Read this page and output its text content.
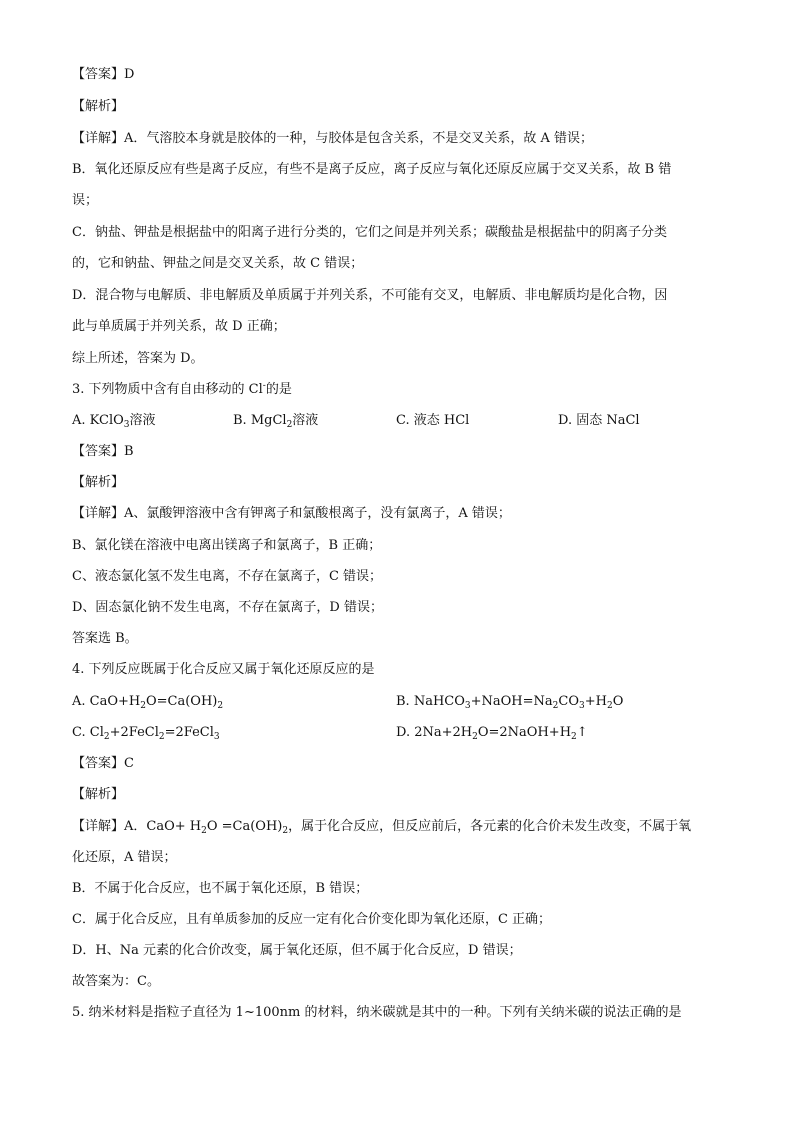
【答案】D
【解析】
【详解】A．气溶胶本身就是胶体的一种，与胶体是包含关系，不是交叉关系，故 A 错误；
B．氧化还原反应有些是离子反应，有些不是离子反应，离子反应与氧化还原反应属于交叉关系，故 B 错
误；
C．钠盐、钾盐是根据盐中的阳离子进行分类的，它们之间是并列关系；碳酸盐是根据盐中的阴离子分类
的，它和钠盐、钾盐之间是交叉关系，故 C 错误；
D．混合物与电解质、非电解质及单质属于并列关系，不可能有交叉，电解质、非电解质均是化合物，因
此与单质属于并列关系，故 D 正确；
综上所述，答案为 D。
3. 下列物质中含有自由移动的 Cl-的是
A. KClO$_3$溶液	B. MgCl$_2$溶液	C. 液态 HCl	D. 固态 NaCl
【答案】B
【解析】
【详解】A、氯酸钾溶液中含有钾离子和氯酸根离子，没有氯离子，A 错误；
B、氯化镁在溶液中电离出镁离子和氯离子，B 正确；
C、液态氯化氢不发生电离，不存在氯离子，C 错误；
D、固态氯化钠不发生电离，不存在氯离子，D 错误；
答案选 B。
4. 下列反应既属于化合反应又属于氧化还原反应的是
A. $CaO+H_2O=Ca(OH)_2$	B. $NaHCO_3+NaOH=Na_2CO_3+H_2O$
C. $Cl_2+2FeCl_2=2FeCl_3$	D. $2Na+2H_2O=2NaOH+H_2↑$
【答案】C
【解析】
【详解】A．$CaO+ H_2O =Ca(OH)_2$，属于化合反应，但反应前后，各元素的化合价未发生改变，不属于氧
化还原，A 错误；
B．不属于化合反应，也不属于氧化还原，B 错误；
C．属于化合反应，且有单质参加的反应一定有化合价变化即为氧化还原，C 正确；
D．H、Na 元素的化合价改变，属于氧化还原，但不属于化合反应，D 错误；
故答案为：C。
5. 纳米材料是指粒子直径为 1~100nm 的材料，纳米碳就是其中的一种。下列有关纳米碳的说法正确的是
